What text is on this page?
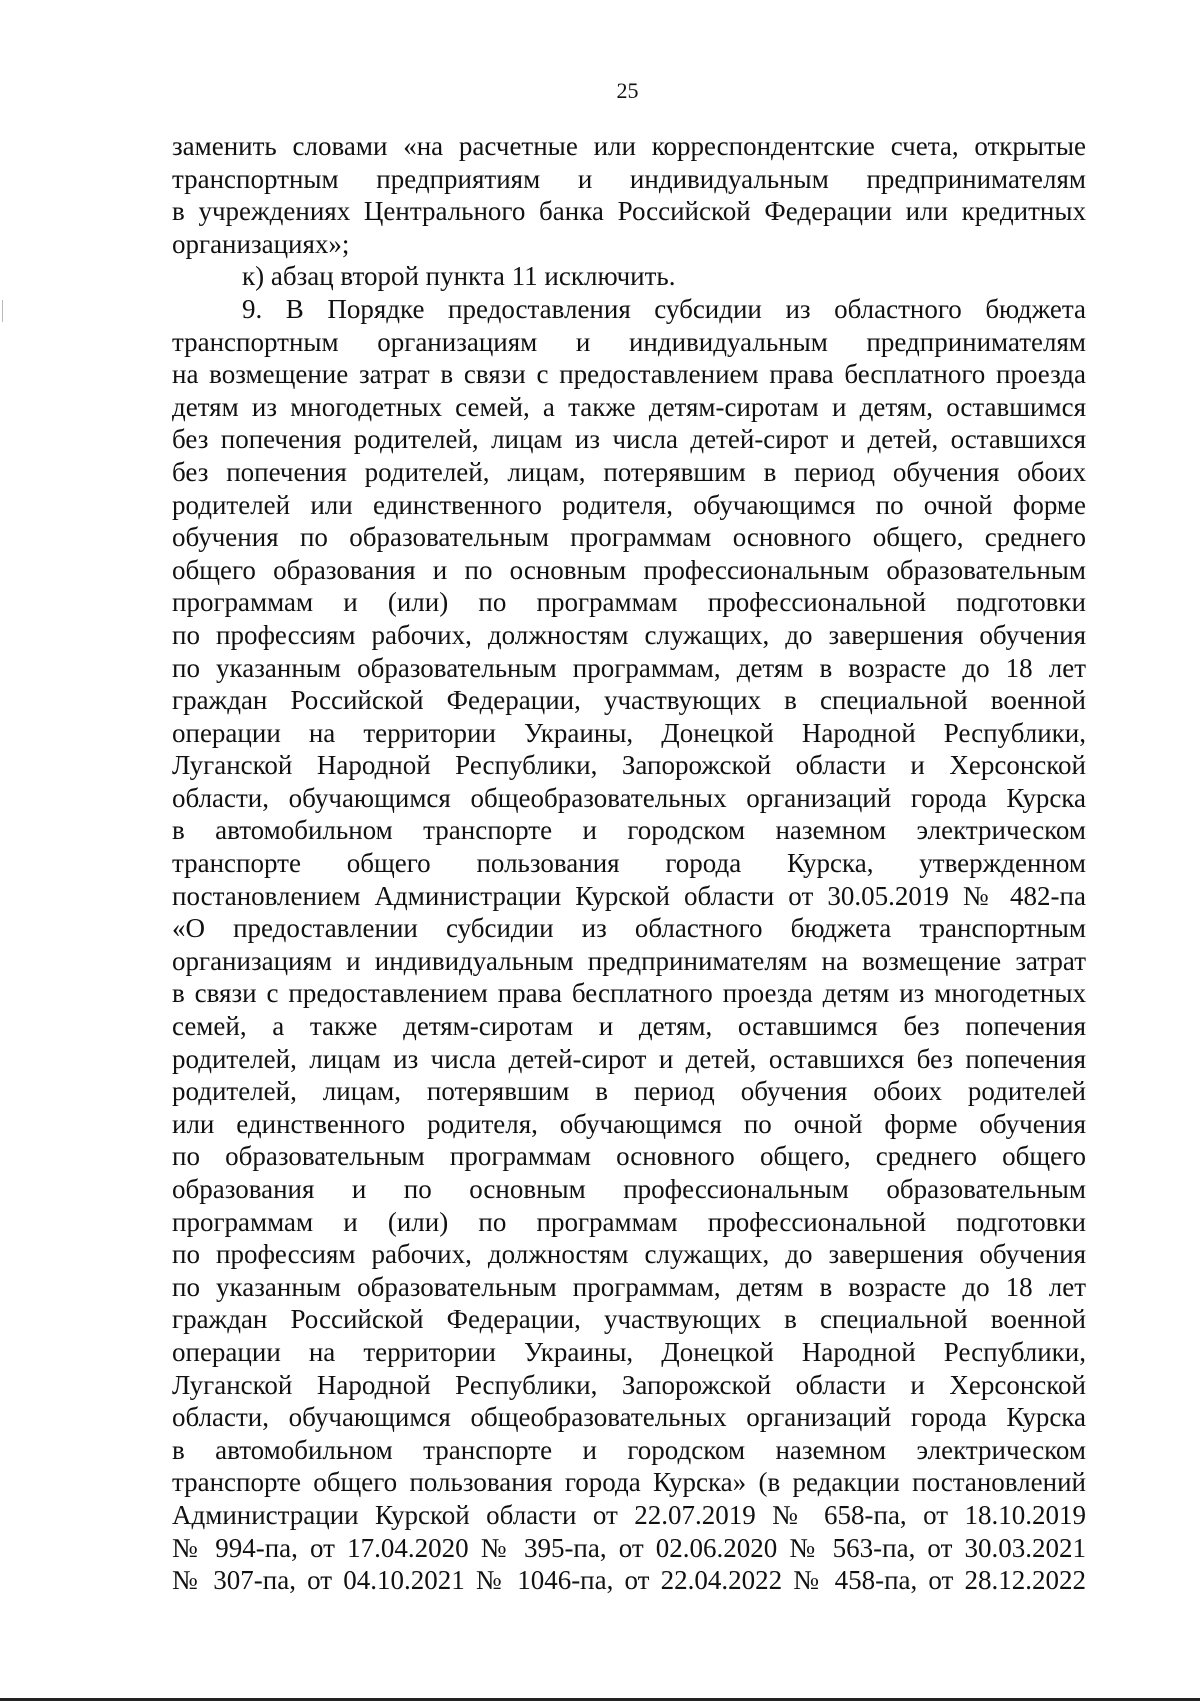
25
заменить словами «на расчетные или корреспондентские счета, открытые
транспортным предприятиям и индивидуальным предпринимателям
в учреждениях Центрального банка Российской Федерации или кредитных
организациях»;
к) абзац второй пункта 11 исключить.
9. В Порядке предоставления субсидии из областного бюджета
транспортным организациям и индивидуальным предпринимателям
на возмещение затрат в связи с предоставлением права бесплатного проезда
детям из многодетных семей, а также детям-сиротам и детям, оставшимся
без попечения родителей, лицам из числа детей-сирот и детей, оставшихся
без попечения родителей, лицам, потерявшим в период обучения обоих
родителей или единственного родителя, обучающимся по очной форме
обучения по образовательным программам основного общего, среднего
общего образования и по основным профессиональным образовательным
программам и (или) по программам профессиональной подготовки
по профессиям рабочих, должностям служащих, до завершения обучения
по указанным образовательным программам, детям в возрасте до 18 лет
граждан Российской Федерации, участвующих в специальной военной
операции на территории Украины, Донецкой Народной Республики,
Луганской Народной Республики, Запорожской области и Херсонской
области, обучающимся общеобразовательных организаций города Курска
в автомобильном транспорте и городском наземном электрическом
транспорте общего пользования города Курска, утвержденном
постановлением Администрации Курской области от 30.05.2019 № 482-па
«О предоставлении субсидии из областного бюджета транспортным
организациям и индивидуальным предпринимателям на возмещение затрат
в связи с предоставлением права бесплатного проезда детям из многодетных
семей, а также детям-сиротам и детям, оставшимся без попечения
родителей, лицам из числа детей-сирот и детей, оставшихся без попечения
родителей, лицам, потерявшим в период обучения обоих родителей
или единственного родителя, обучающимся по очной форме обучения
по образовательным программам основного общего, среднего общего
образования и по основным профессиональным образовательным
программам и (или) по программам профессиональной подготовки
по профессиям рабочих, должностям служащих, до завершения обучения
по указанным образовательным программам, детям в возрасте до 18 лет
граждан Российской Федерации, участвующих в специальной военной
операции на территории Украины, Донецкой Народной Республики,
Луганской Народной Республики, Запорожской области и Херсонской
области, обучающимся общеобразовательных организаций города Курска
в автомобильном транспорте и городском наземном электрическом
транспорте общего пользования города Курска» (в редакции постановлений
Администрации Курской области от 22.07.2019 № 658-па, от 18.10.2019
№ 994-па, от 17.04.2020 № 395-па, от 02.06.2020 № 563-па, от 30.03.2021
№ 307-па, от 04.10.2021 № 1046-па, от 22.04.2022 № 458-па, от 28.12.2022
